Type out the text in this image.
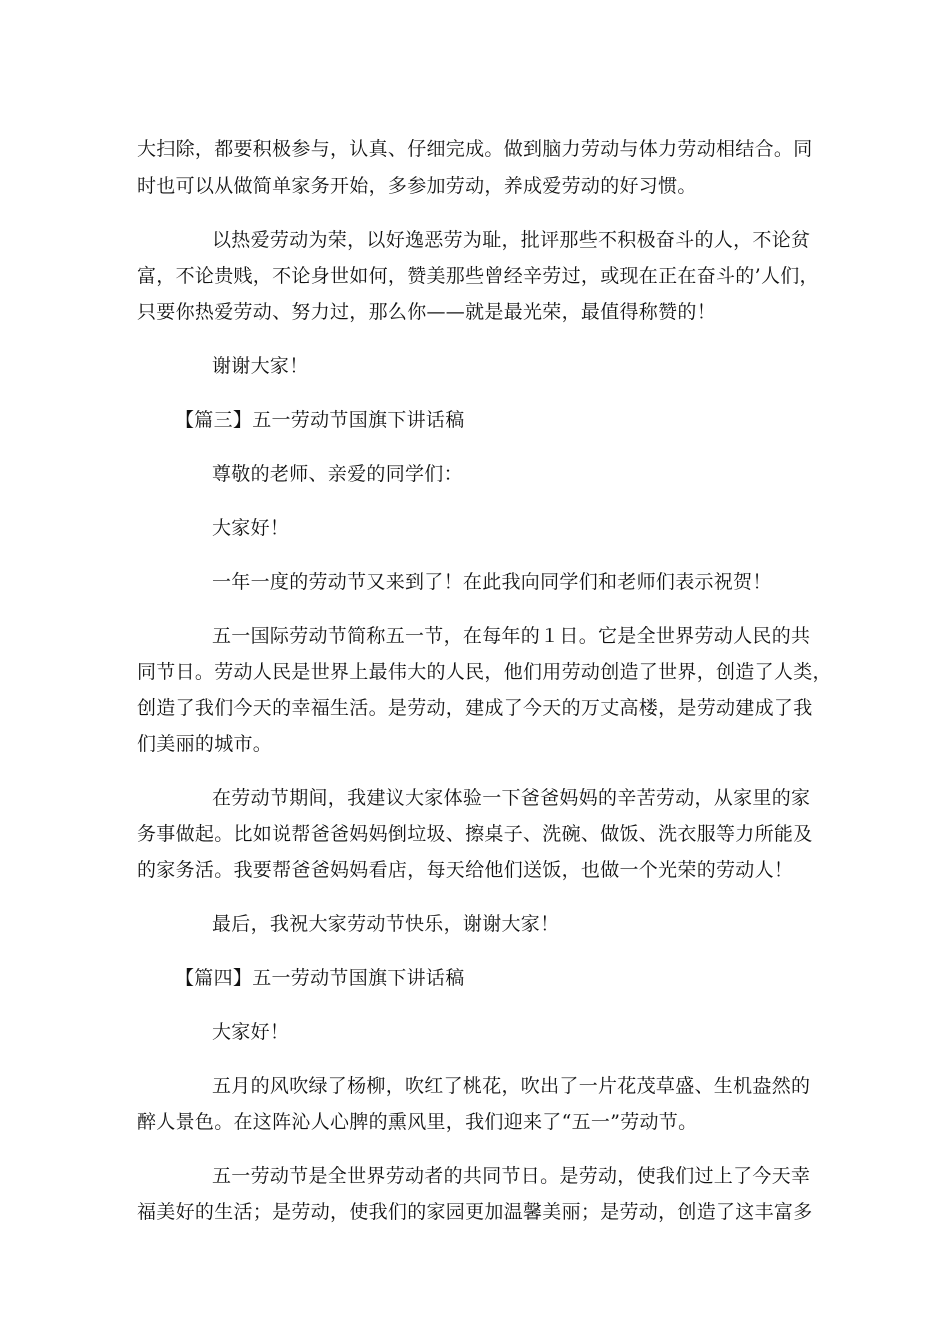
大扫除，都要积极参与，认真、仔细完成。做到脑力劳动与体力劳动相结合。同

时也可以从做简单家务开始，多参加劳动，养成爱劳动的好习惯。

以热爱劳动为荣，以好逸恶劳为耻，批评那些不积极奋斗的人，不论贫

富，不论贵贱，不论身世如何，赞美那些曾经辛劳过，或现在正在奋斗的’人们，

只要你热爱劳动、努力过，那么你——就是最光荣，最值得称赞的！

谢谢大家！

【篇三】五一劳动节国旗下讲话稿

尊敬的老师、亲爱的同学们：

大家好！

一年一度的劳动节又来到了！在此我向同学们和老师们表示祝贺！

五一国际劳动节简称五一节，在每年的１日。它是全世界劳动人民的共

同节日。劳动人民是世界上最伟大的人民，他们用劳动创造了世界，创造了人类，

创造了我们今天的幸福生活。是劳动，建成了今天的万丈高楼，是劳动建成了我

们美丽的城市。

在劳动节期间，我建议大家体验一下爸爸妈妈的辛苦劳动，从家里的家

务事做起。比如说帮爸爸妈妈倒垃圾、擦桌子、洗碗、做饭、洗衣服等力所能及

的家务活。我要帮爸爸妈妈看店，每天给他们送饭，也做一个光荣的劳动人！

最后，我祝大家劳动节快乐，谢谢大家！

【篇四】五一劳动节国旗下讲话稿

大家好！

五月的风吹绿了杨柳，吹红了桃花，吹出了一片花茂草盛、生机盎然的

醉人景色。在这阵沁人心脾的熏风里，我们迎来了“五一”劳动节。

五一劳动节是全世界劳动者的共同节日。是劳动，使我们过上了今天幸

福美好的生活；是劳动，使我们的家园更加温馨美丽；是劳动，创造了这丰富多
